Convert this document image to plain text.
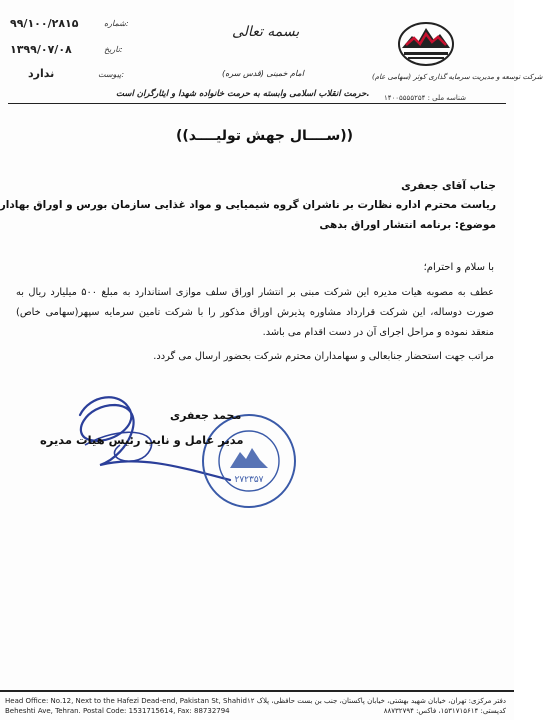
۹۹/۱۰۰/۲۸۱۵	شماره:
۱۳۹۹/۰۷/۰۸	تاریخ:
ندارد	پیوست:
بسمه تعالی
امام خمینی (قدس سره)
حرمت انقلاب اسلامی وابسته به حرمت خانواده شهدا و ایثارگران است. شناسه ملی : ۱۴۰۰۵۵۵۵۲۵۴
شرکت توسعه و مدیریت سرمایه گذاری کوثر (سهامی عام)
((ســــال جهش تولیــــد))
جناب آقای جعفری
ریاست محترم اداره نظارت بر ناشران گروه شیمیایی و مواد غذایی سازمان بورس و اوراق بهادار
موضوع: برنامه انتشار اوراق بدهی
با سلام و احترام؛
عطف به مصوبه هیات مدیره این شرکت مبنی بر انتشار اوراق سلف موازی استاندارد به مبلغ ۵۰۰ میلیارد ریال به صورت دوساله، این شرکت قرارداد مشاوره پذیرش اوراق مذکور را با شرکت تامین سرمایه سپهر(سهامی خاص) منعقد نموده و مراحل اجرای آن در دست اقدام می باشد.
مراتب جهت استحضار جنابعالی و سهامداران محترم شرکت بحضور ارسال می گردد.
۲۷۲۳۵۷
محمد جعفری
مدیر عامل و نایب رئیس هیات مدیره
Head Office: No.12, Next to the Hafezi Dead-end, Pakistan St, Shahid
Beheshti Ave, Tehran. Postal Code: 1531715614, Fax: 88732794
دفتر مرکزی: تهران، خیابان شهید بهشتی، خیابان پاکستان، جنب بن بست حافظی، پلاک ۱۲
کدپستی: ۱۵۳۱۷۱۵۶۱۴، فاکس: ۸۸۷۳۲۷۹۴
